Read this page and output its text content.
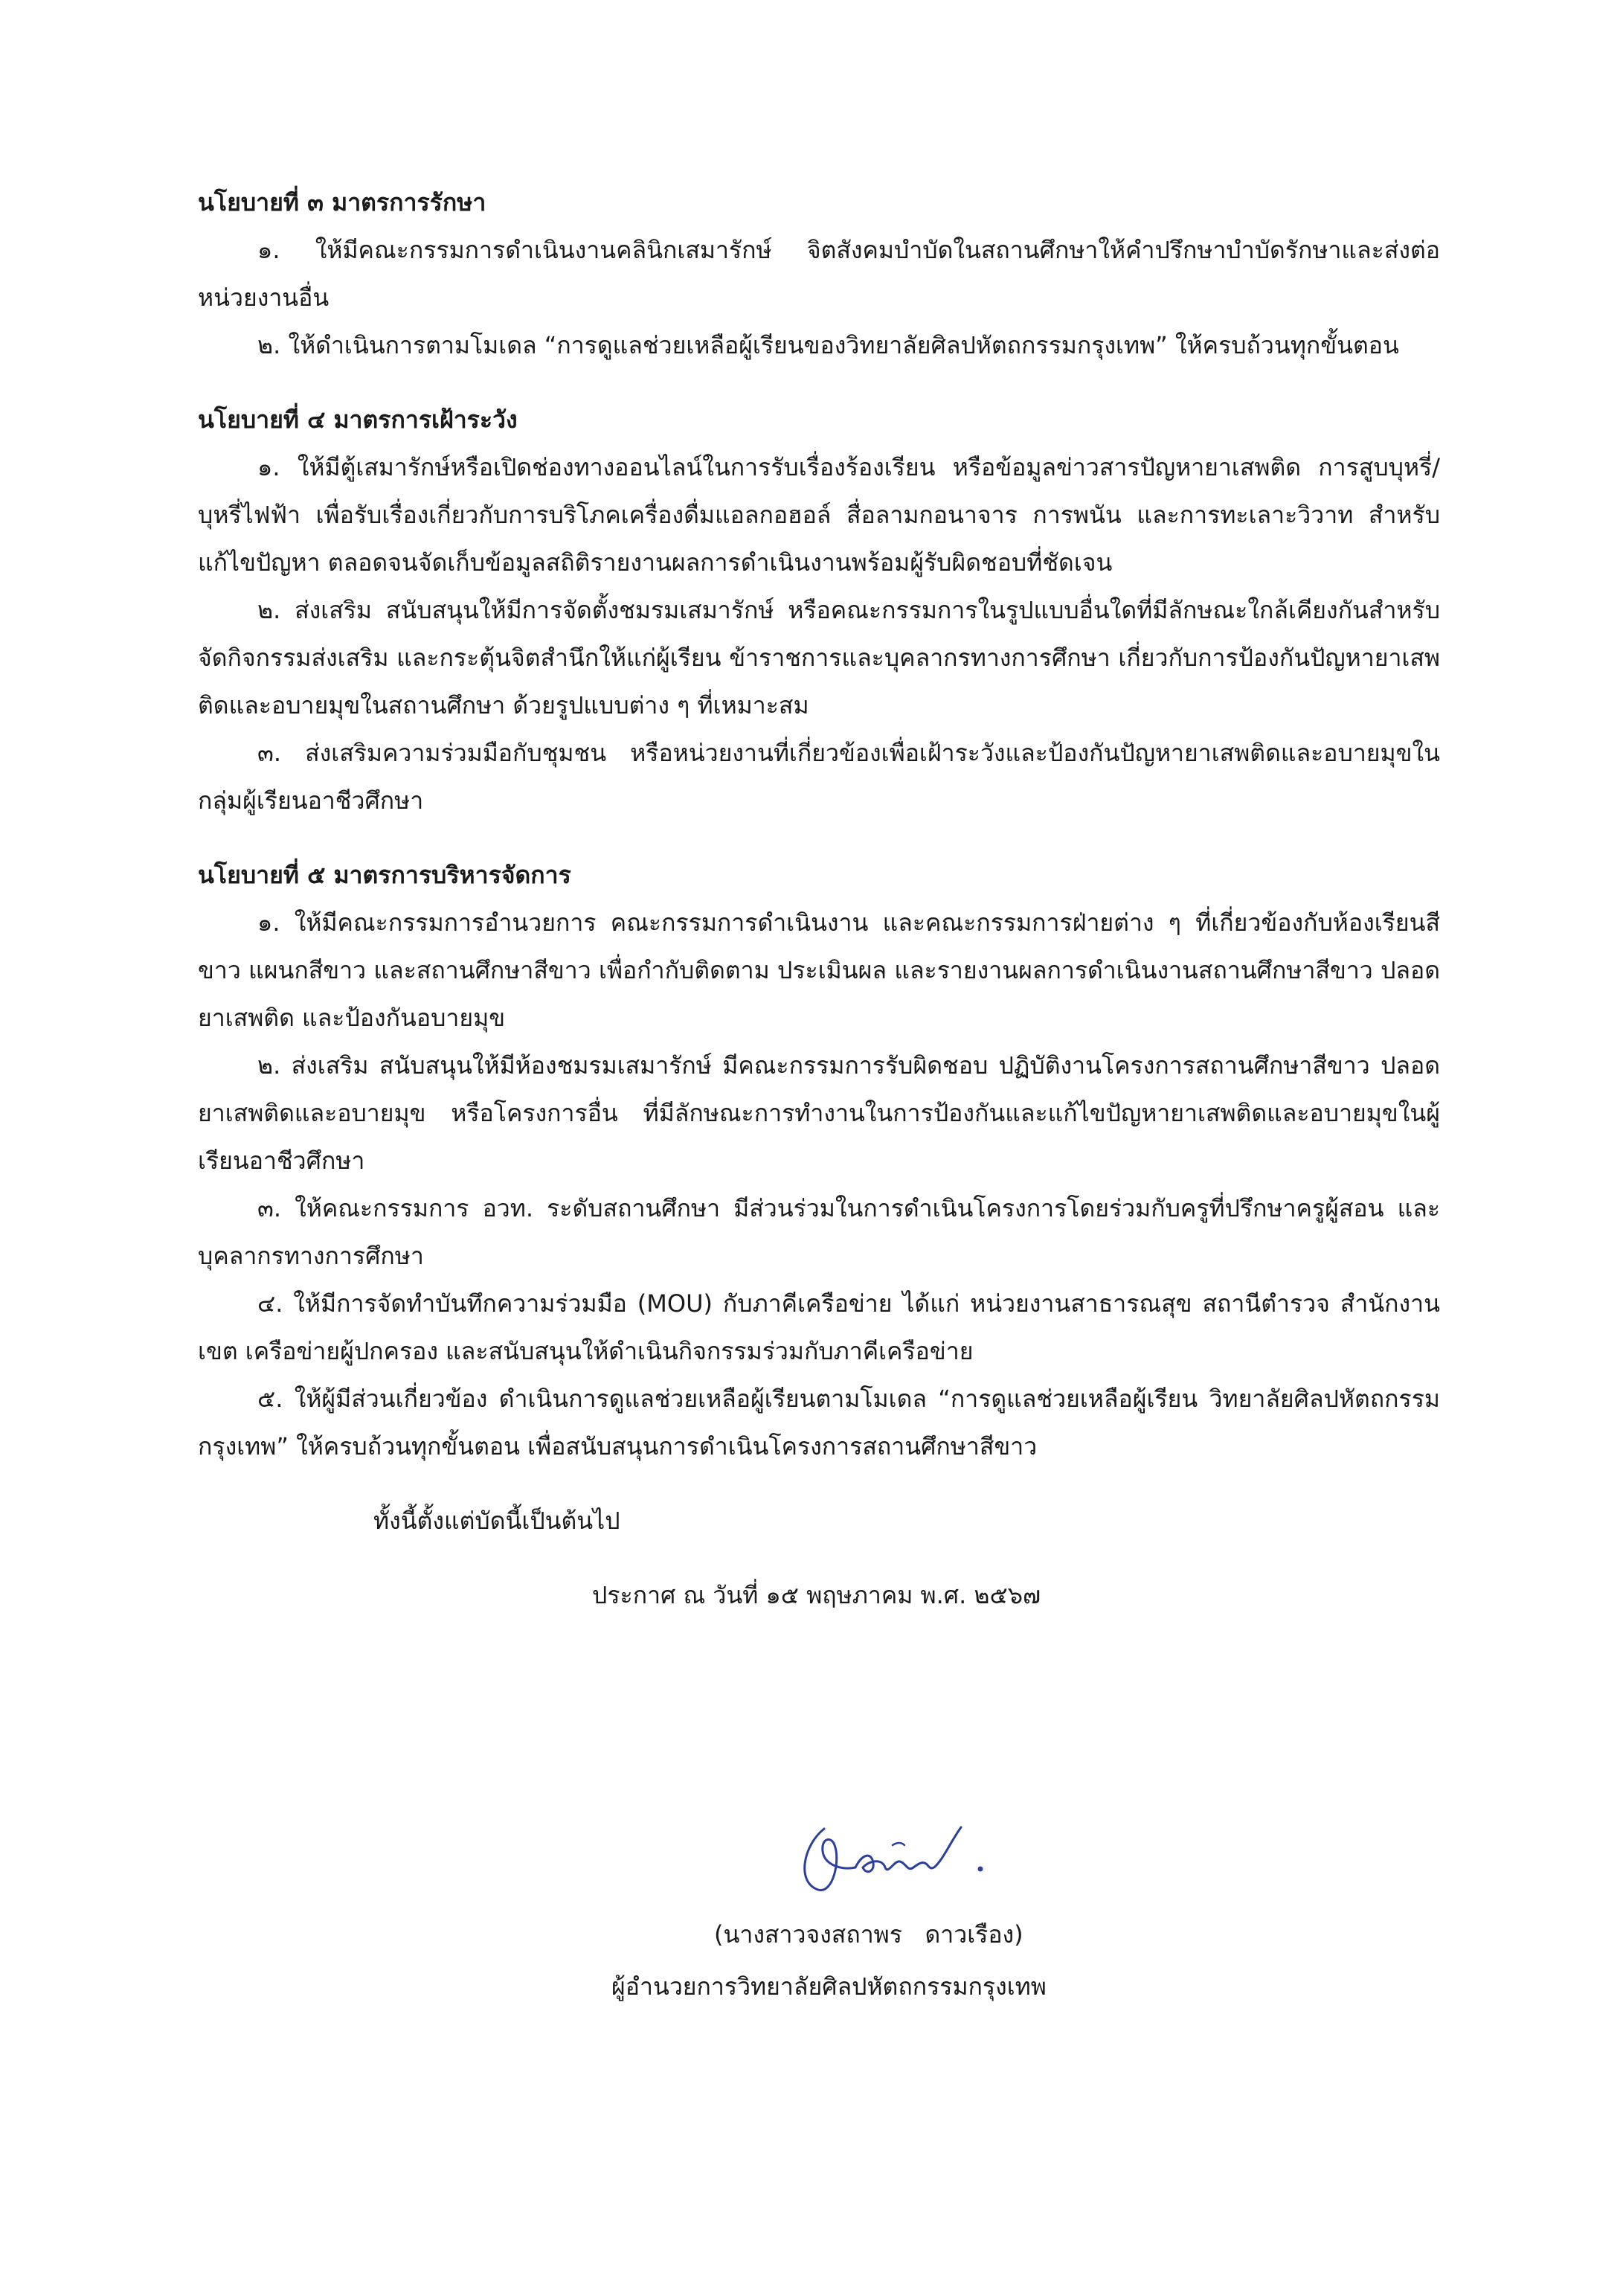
นโยบายที่ ๓ มาตรการรักษา

๑. ให้มีคณะกรรมการดำเนินงานคลินิกเสมารักษ์ จิตสังคมบำบัดในสถานศึกษาให้คำปรึกษาบำบัดรักษาและส่งต่อหน่วยงานอื่น

๒. ให้ดำเนินการตามโมเดล “การดูแลช่วยเหลือผู้เรียนของวิทยาลัยศิลปหัตถกรรมกรุงเทพ” ให้ครบถ้วนทุกขั้นตอน

นโยบายที่ ๔ มาตรการเฝ้าระวัง

๑. ให้มีตู้เสมารักษ์หรือเปิดช่องทางออนไลน์ในการรับเรื่องร้องเรียน หรือข้อมูลข่าวสารปัญหายาเสพติด การสูบบุหรี่/บุหรี่ไฟฟ้า เพื่อรับเรื่องเกี่ยวกับการบริโภคเครื่องดื่มแอลกอฮอล์ สื่อลามกอนาจาร การพนัน และการทะเลาะวิวาท สำหรับแก้ไขปัญหา ตลอดจนจัดเก็บข้อมูลสถิติรายงานผลการดำเนินงานพร้อมผู้รับผิดชอบที่ชัดเจน

๒. ส่งเสริม สนับสนุนให้มีการจัดตั้งชมรมเสมารักษ์ หรือคณะกรรมการในรูปแบบอื่นใดที่มีลักษณะใกล้เคียงกันสำหรับจัดกิจกรรมส่งเสริม และกระตุ้นจิตสำนึกให้แก่ผู้เรียน ข้าราชการและบุคลากรทางการศึกษา เกี่ยวกับการป้องกันปัญหายาเสพติดและอบายมุขในสถานศึกษา ด้วยรูปแบบต่าง ๆ ที่เหมาะสม

๓. ส่งเสริมความร่วมมือกับชุมชน หรือหน่วยงานที่เกี่ยวข้องเพื่อเฝ้าระวังและป้องกันปัญหายาเสพติดและอบายมุขในกลุ่มผู้เรียนอาชีวศึกษา

นโยบายที่ ๕ มาตรการบริหารจัดการ

๑. ให้มีคณะกรรมการอำนวยการ คณะกรรมการดำเนินงาน และคณะกรรมการฝ่ายต่าง ๆ ที่เกี่ยวข้องกับห้องเรียนสีขาว แผนกสีขาว และสถานศึกษาสีขาว เพื่อกำกับติดตาม ประเมินผล และรายงานผลการดำเนินงานสถานศึกษาสีขาว ปลอดยาเสพติด และป้องกันอบายมุข

๒. ส่งเสริม สนับสนุนให้มีห้องชมรมเสมารักษ์ มีคณะกรรมการรับผิดชอบ ปฏิบัติงานโครงการสถานศึกษาสีขาว ปลอดยาเสพติดและอบายมุข หรือโครงการอื่น ที่มีลักษณะการทำงานในการป้องกันและแก้ไขปัญหายาเสพติดและอบายมุขในผู้เรียนอาชีวศึกษา

๓. ให้คณะกรรมการ อวท. ระดับสถานศึกษา มีส่วนร่วมในการดำเนินโครงการโดยร่วมกับครูที่ปรึกษาครูผู้สอน และบุคลากรทางการศึกษา

๔. ให้มีการจัดทำบันทึกความร่วมมือ (MOU) กับภาคีเครือข่าย ได้แก่ หน่วยงานสาธารณสุข สถานีตำรวจ สำนักงานเขต เครือข่ายผู้ปกครอง และสนับสนุนให้ดำเนินกิจกรรมร่วมกับภาคีเครือข่าย

๕. ให้ผู้มีส่วนเกี่ยวข้อง ดำเนินการดูแลช่วยเหลือผู้เรียนตามโมเดล “การดูแลช่วยเหลือผู้เรียน วิทยาลัยศิลปหัตถกรรมกรุงเทพ” ให้ครบถ้วนทุกขั้นตอน เพื่อสนับสนุนการดำเนินโครงการสถานศึกษาสีขาว

ทั้งนี้ตั้งแต่บัดนี้เป็นต้นไป

ประกาศ ณ วันที่ ๑๕ พฤษภาคม พ.ศ. ๒๕๖๗

(นางสาวจงสถาพร   ดาวเรือง)
ผู้อำนวยการวิทยาลัยศิลปหัตถกรรมกรุงเทพ
